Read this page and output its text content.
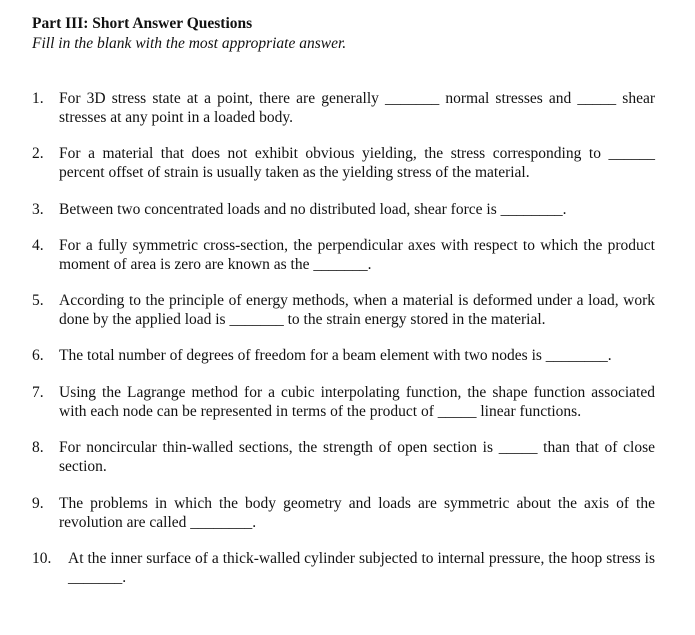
Part III: Short Answer Questions

Fill in the blank with the most appropriate answer.

1. For 3D stress state at a point, there are generally _______ normal stresses and _____ shear stresses at any point in a loaded body.
2. For a material that does not exhibit obvious yielding, the stress corresponding to ______ percent offset of strain is usually taken as the yielding stress of the material.
3. Between two concentrated loads and no distributed load, shear force is ________.
4. For a fully symmetric cross-section, the perpendicular axes with respect to which the product moment of area is zero are known as the _______.
5. According to the principle of energy methods, when a material is deformed under a load, work done by the applied load is _______ to the strain energy stored in the material.
6. The total number of degrees of freedom for a beam element with two nodes is ________.
7. Using the Lagrange method for a cubic interpolating function, the shape function associated with each node can be represented in terms of the product of _____ linear functions.
8. For noncircular thin-walled sections, the strength of open section is _____ than that of close section.
9. The problems in which the body geometry and loads are symmetric about the axis of the revolution are called ________.
10. At the inner surface of a thick-walled cylinder subjected to internal pressure, the hoop stress is _______.
